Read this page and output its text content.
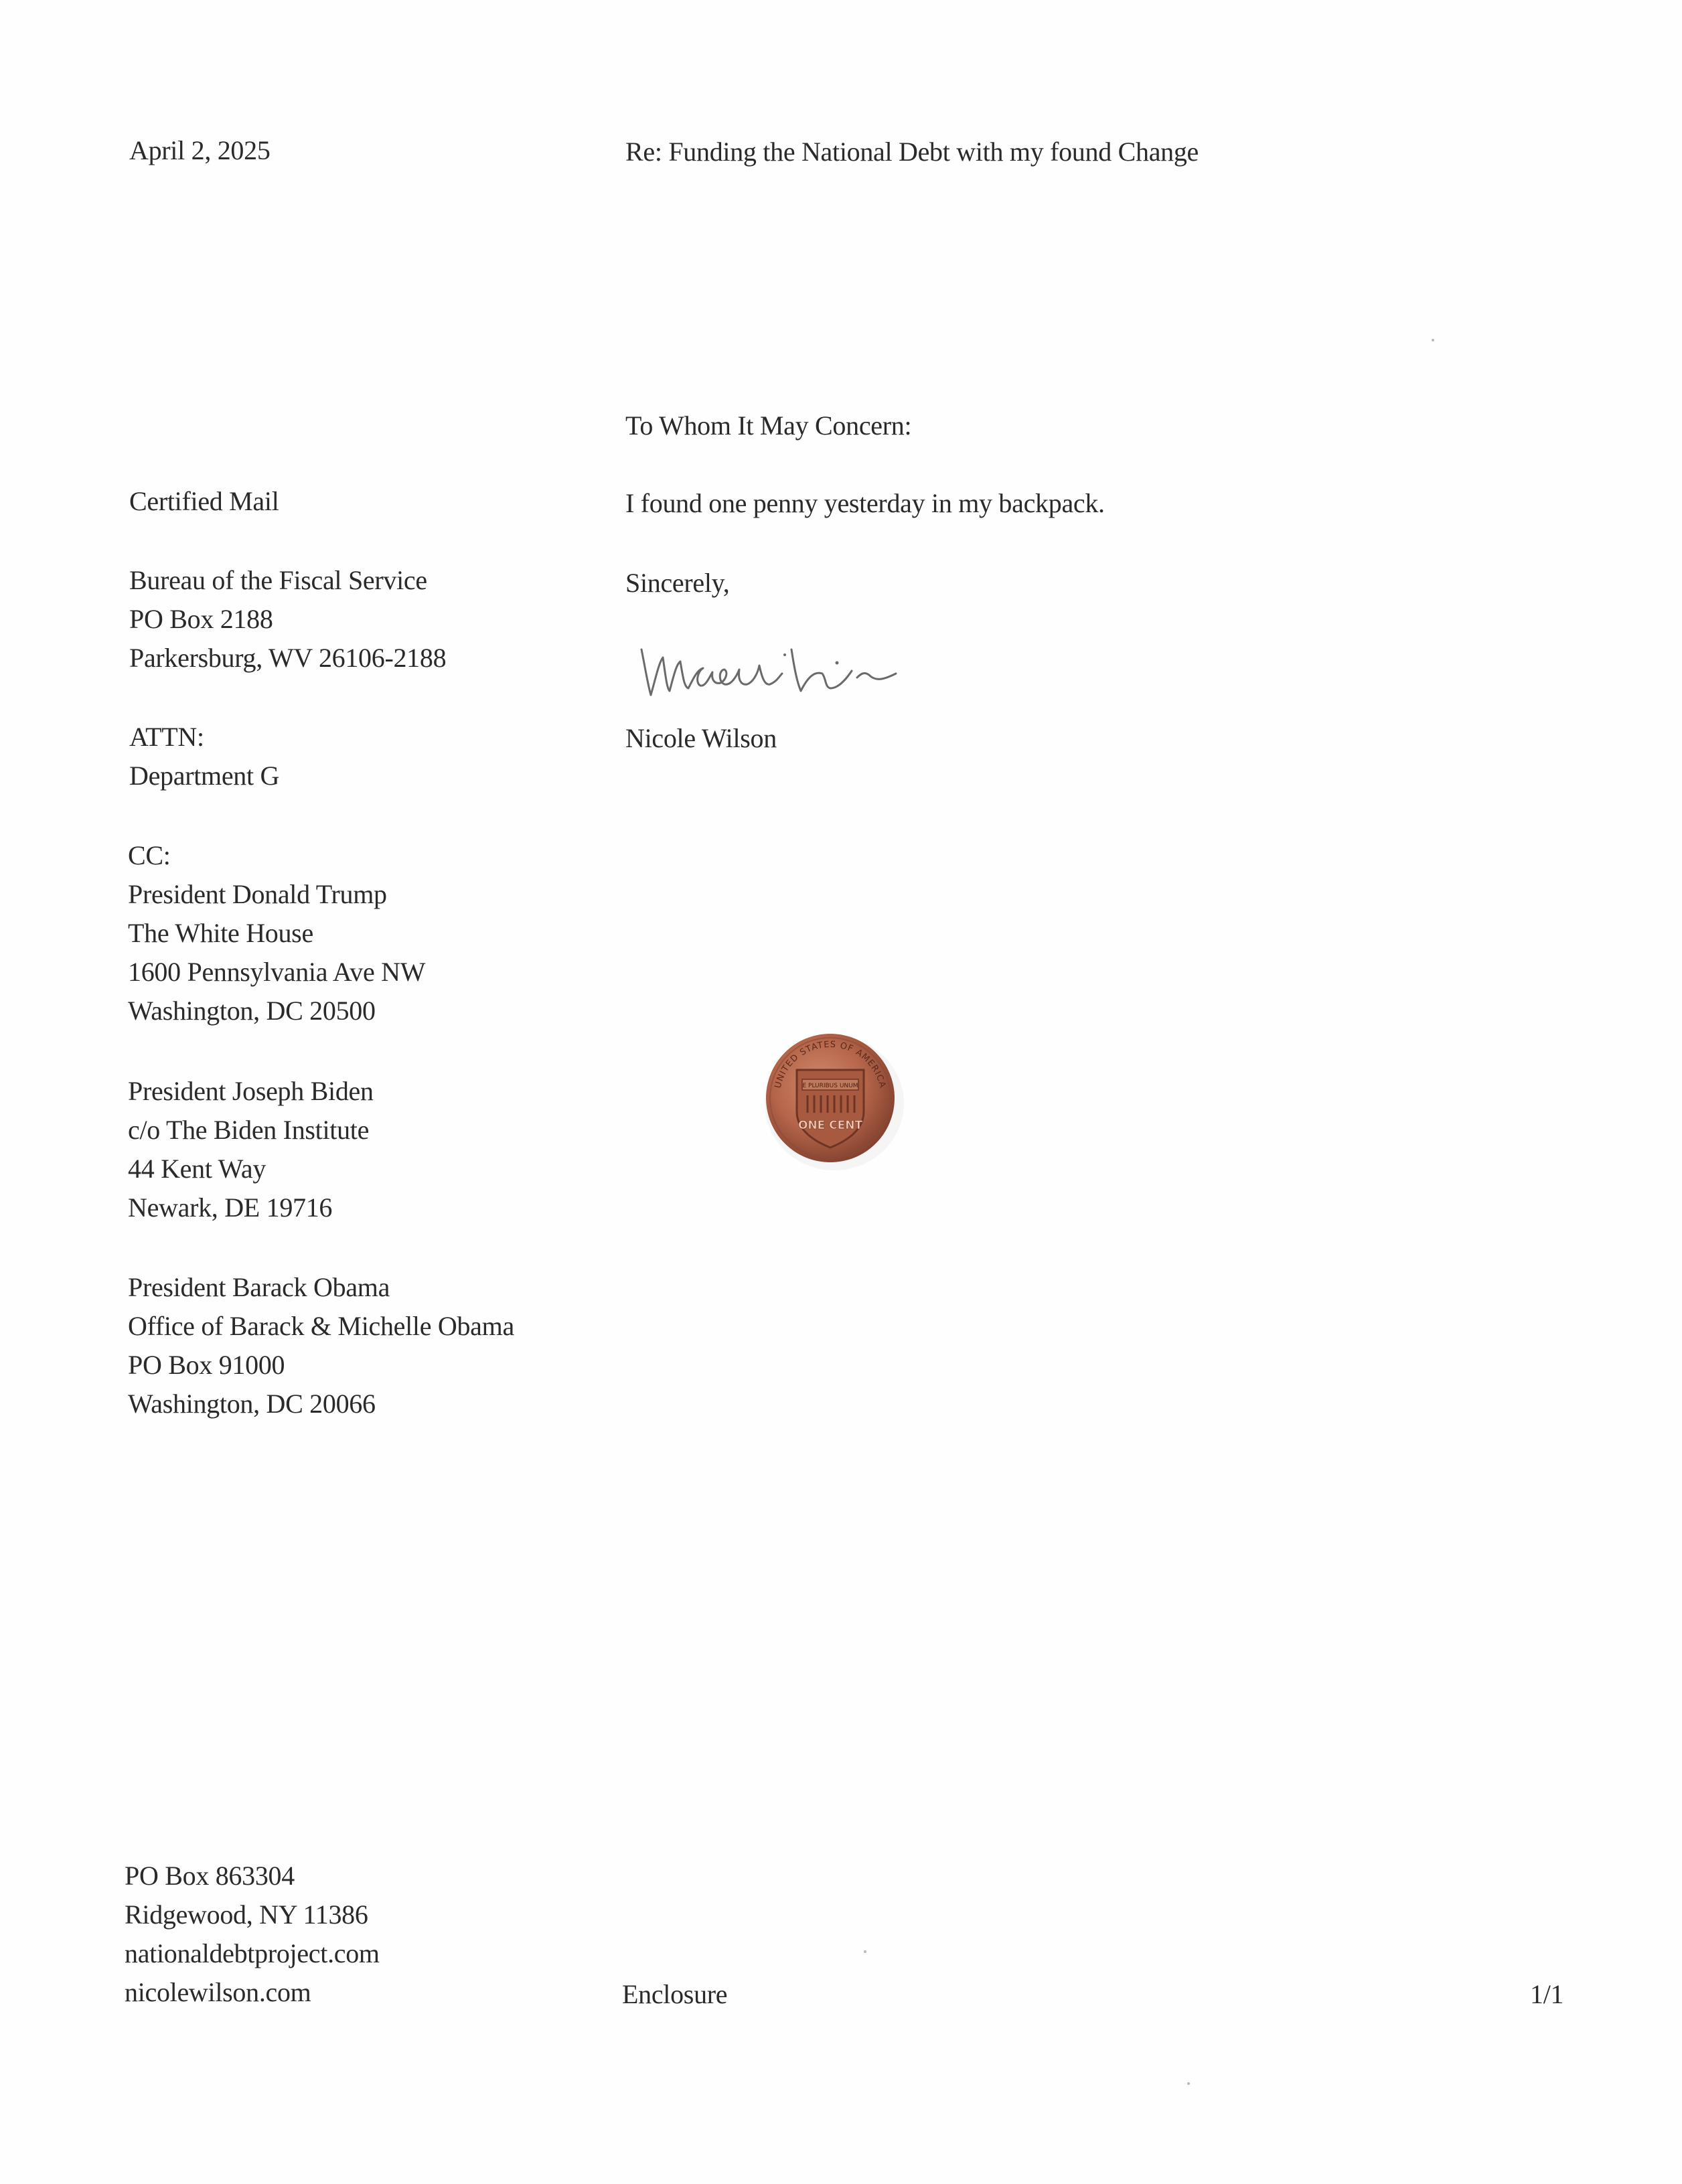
April 2, 2025	Re: Funding the National Debt with my found Change
To Whom It May Concern:
I found one penny yesterday in my backpack.
Sincerely,
Nicole Wilson
Certified Mail
Bureau of the Fiscal Service
PO Box 2188
Parkersburg, WV 26106-2188
ATTN:
Department G
CC:
President Donald Trump
The White House
1600 Pennsylvania Ave NW
Washington, DC 20500
President Joseph Biden
c/o The Biden Institute
44 Kent Way
Newark, DE 19716
President Barack Obama
Office of Barack & Michelle Obama
PO Box 91000
Washington, DC 20066
UNITED STATES OF AMERICA
E PLURIBUS UNUM
ONE CENT
PO Box 863304
Ridgewood, NY 11386
nationaldebtproject.com
nicolewilson.com	Enclosure	1/1
